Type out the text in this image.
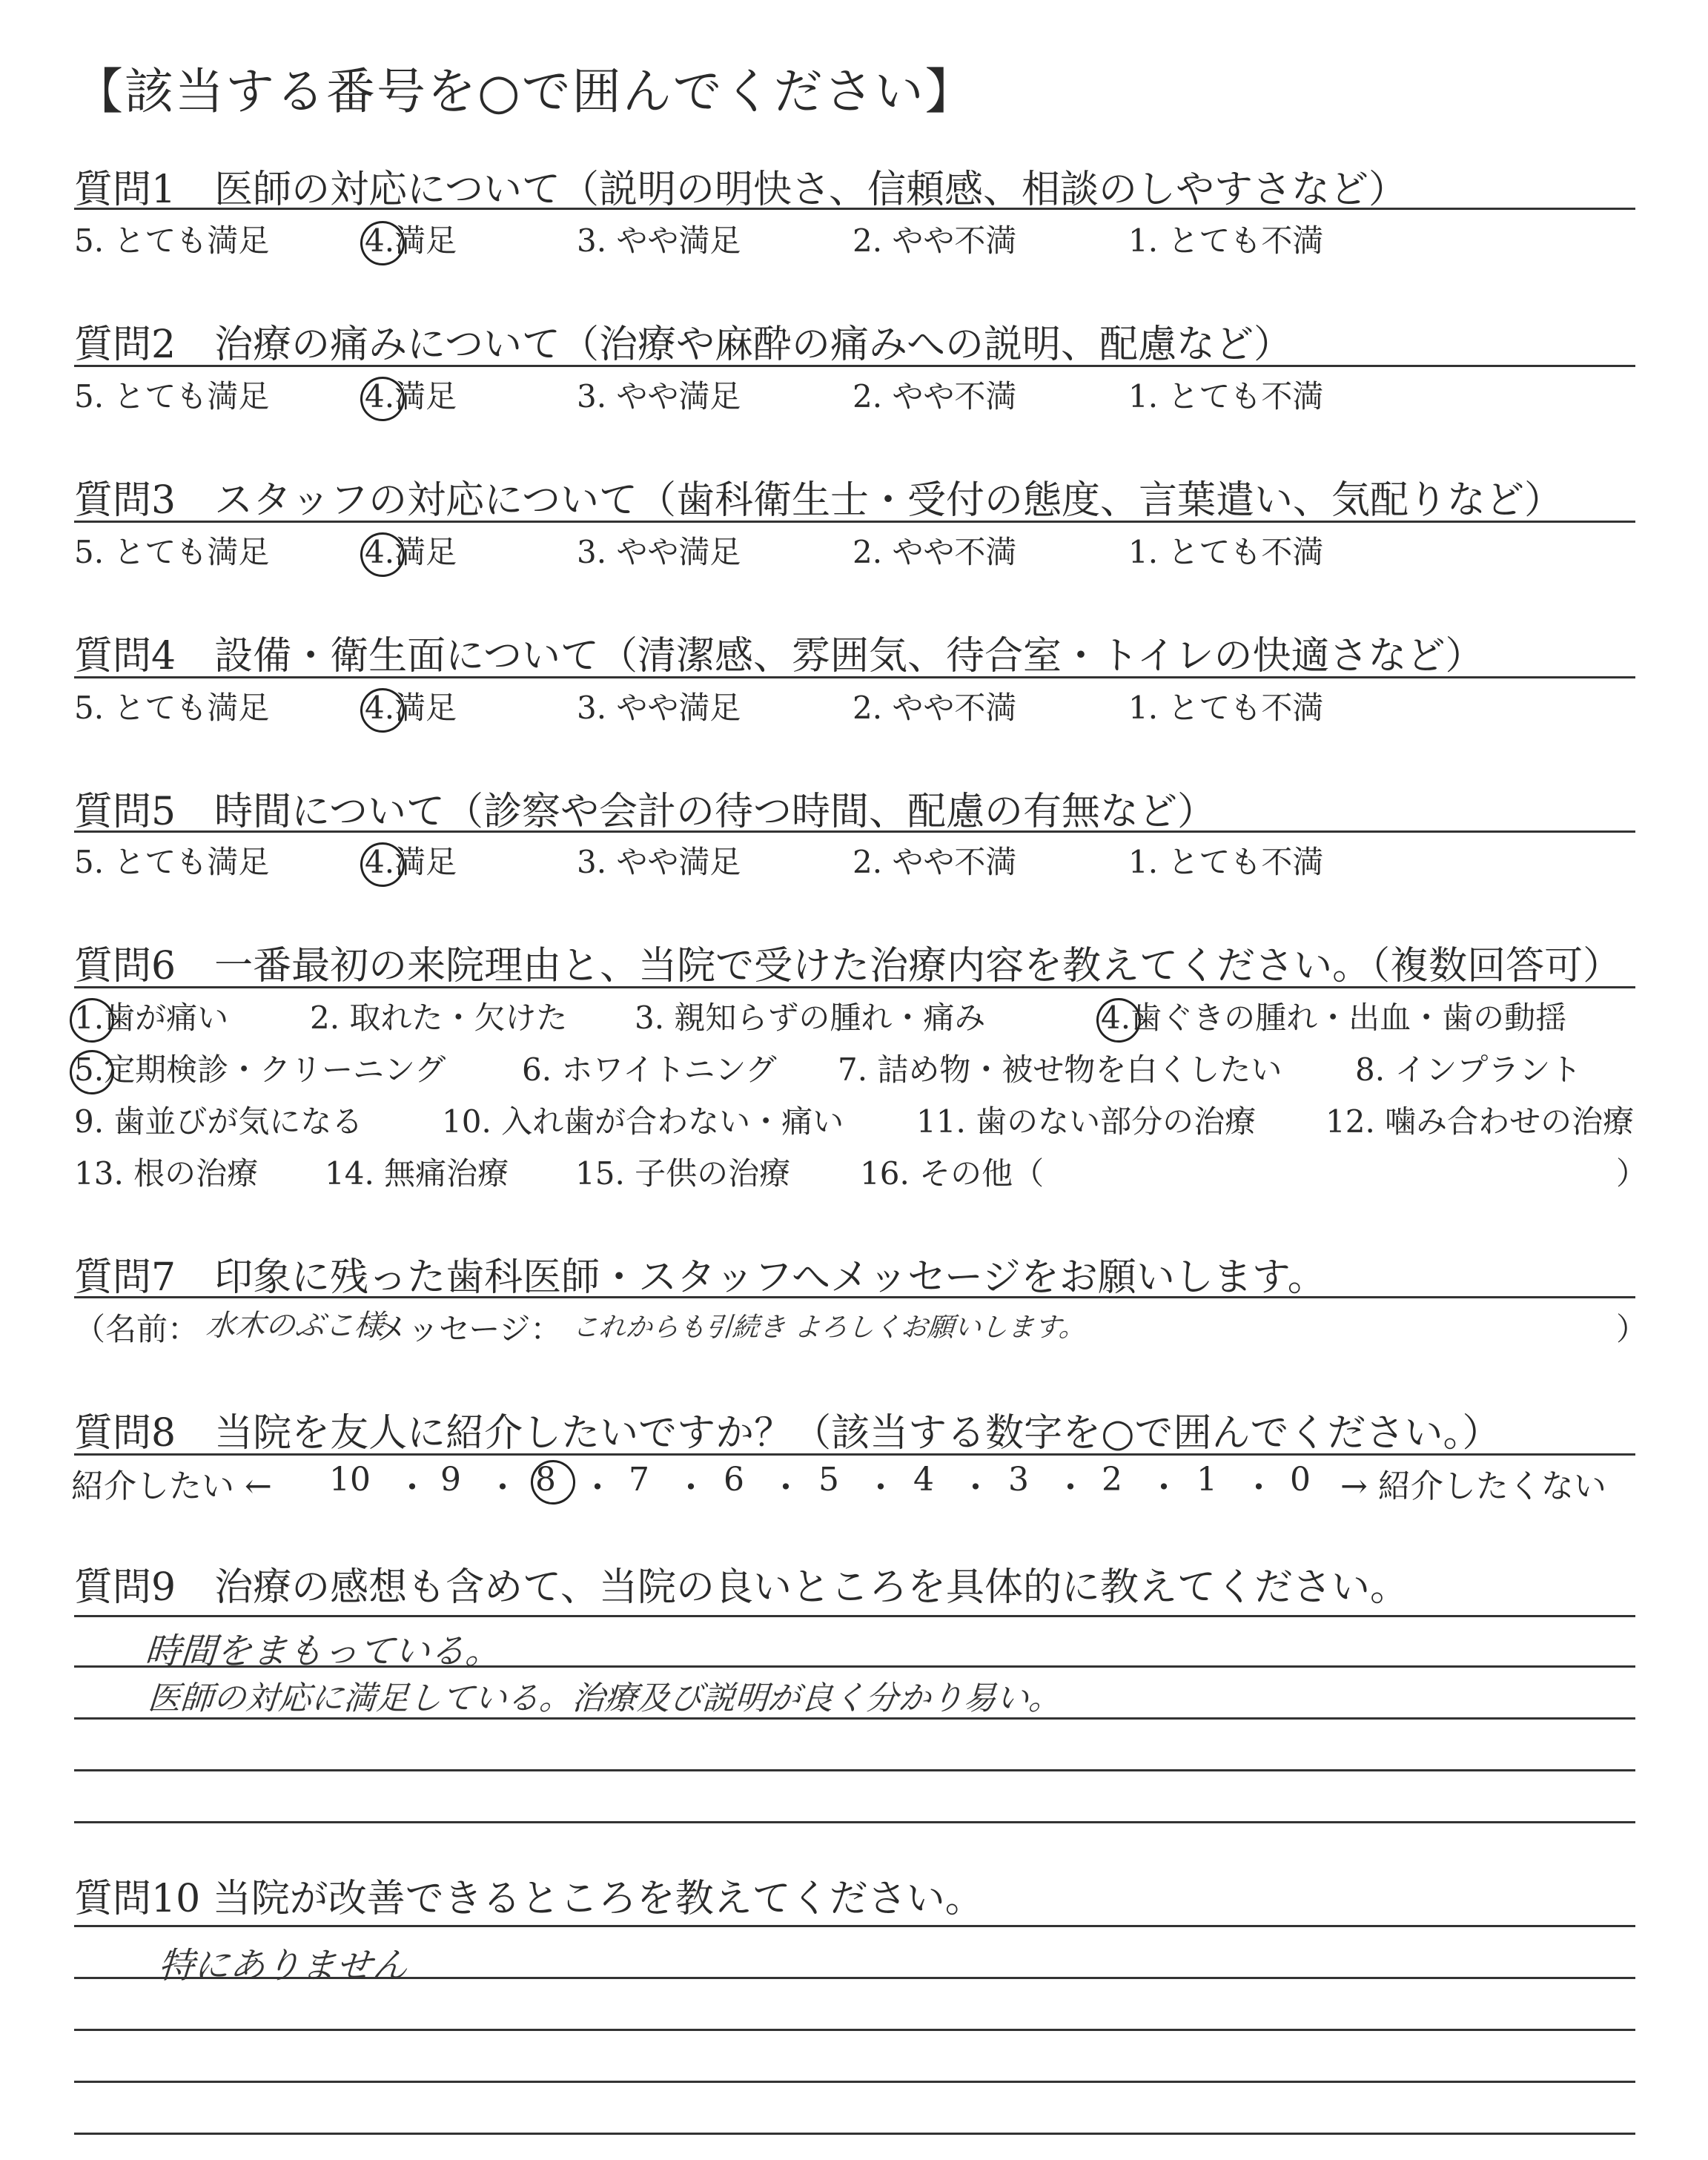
【該当する番号を○で囲んでください】
質問1　医師の対応について（説明の明快さ、信頼感、相談のしやすさなど）
5. とても満足	4.満足	3. やや満足	2. やや不満	1. とても不満
質問2　治療の痛みについて（治療や麻酔の痛みへの説明、配慮など）
5. とても満足	4.満足	3. やや満足	2. やや不満	1. とても不満
質問3　スタッフの対応について（歯科衛生士・受付の態度、言葉遣い、気配りなど）
5. とても満足	4.満足	3. やや満足	2. やや不満	1. とても不満
質問4　設備・衛生面について（清潔感、雰囲気、待合室・トイレの快適さなど）
5. とても満足	4.満足	3. やや満足	2. やや不満	1. とても不満
質問5　時間について（診察や会計の待つ時間、配慮の有無など）
5. とても満足	4.満足	3. やや満足	2. やや不満	1. とても不満
質問6　一番最初の来院理由と、当院で受けた治療内容を教えてください。（複数回答可）
1.歯が痛い	2. 取れた・欠けた 3. 親知らずの腫れ・痛み	4.歯ぐきの腫れ・出血・歯の動揺
5.定期検診・クリーニング 6. ホワイトニング 7. 詰め物・被せ物を白くしたい 8. インプラント
9. 歯並びが気になる	10. 入れ歯が合わない・痛い 11. 歯のない部分の治療 12. 噛み合わせの治療
13. 根の治療 14. 無痛治療 15. 子供の治療 16. その他（	）
質問7　印象に残った歯科医師・スタッフへメッセージをお願いします。
（名前： 水木のぶこ様
メッセージ： これからも引続き よろしくお願いします。	）
質問8　当院を友人に紹介したいですか？（該当する数字を○で囲んでください。）
紹介したい ← 10 ・ 9 ・ 8 ・ 7 ・ 6 ・ 5 ・ 4 ・ 3 ・ 2 ・ 1 ・ 0 → 紹介したくない
質問9　治療の感想も含めて、当院の良いところを具体的に教えてください。
時間をまもっている。
医師の対応に満足している。治療及び説明が良く分かり易い。
質問10 当院が改善できるところを教えてください。
特にありません
